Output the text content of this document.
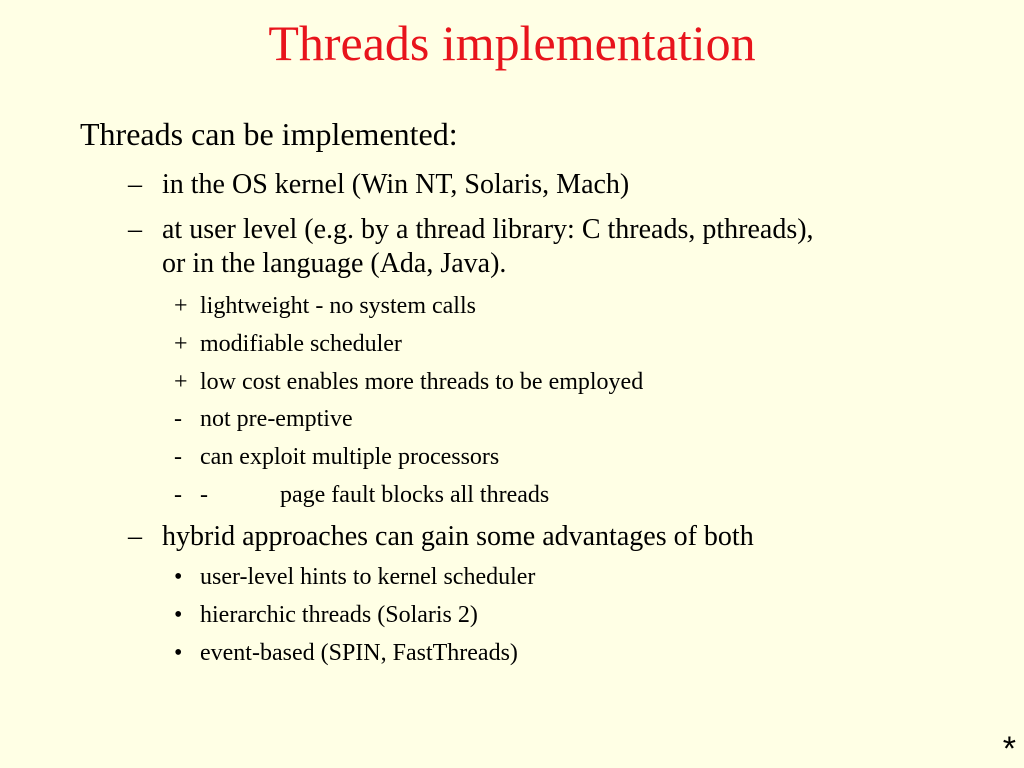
Threads implementation
Threads can be implemented:
– in the OS kernel (Win NT, Solaris, Mach)
– at user level (e.g. by a thread library: C threads, pthreads), or in the language (Ada, Java).
+ lightweight - no system calls
+ modifiable scheduler
+ low cost enables more threads to be employed
- not pre-emptive
- can exploit multiple processors
- -	page fault blocks all threads
– hybrid approaches can gain some advantages of both
• user-level hints to kernel scheduler
• hierarchic threads (Solaris 2)
• event-based (SPIN, FastThreads)
*
